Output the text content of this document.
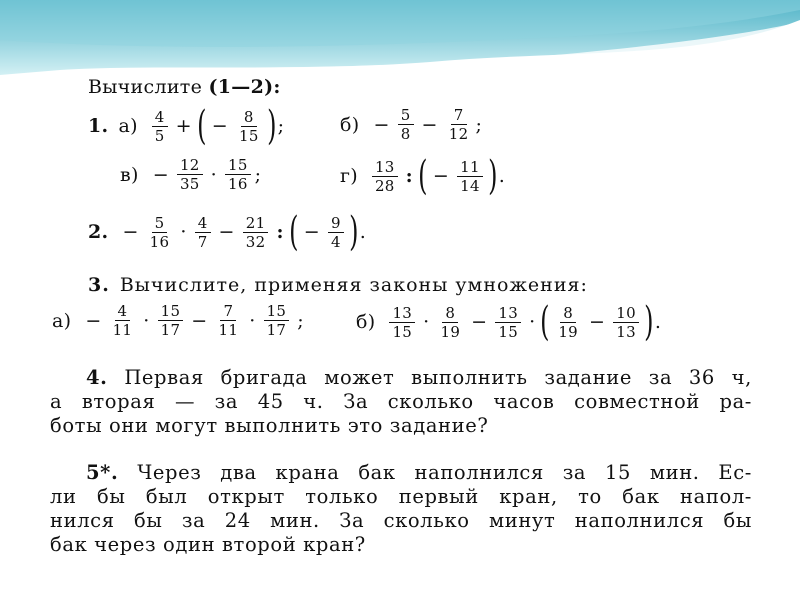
Вычислите
(1—2):
1. $а) \frac{4}{5}$ + ( − $\frac{8}{15}$ ) ;	$б) - \frac{5}{8} - \frac{7}{12}$ ;
$в) - \frac{12}{35} \cdot \frac{15}{16}$ ;	$г) \frac{13}{28}$ : ( − $\frac{11}{14}$ ) .
2. − $\frac{5}{16} \cdot \frac{4}{7} - \frac{21}{32}$ : ( − $\frac{9}{4}$ ) .
3. Вычислите, применяя законы умножения:
$а) - \frac{4}{11} \cdot \frac{15}{17} - \frac{7}{11} \cdot \frac{15}{17}$ ;	$б) \frac{13}{15} \cdot \frac{8}{19} - \frac{13}{15}$ · ( $\frac{8}{19} - \frac{10}{13}$ ) .
4. Первая бригада может выполнить задание за 36 ч,
а вторая — за 45 ч. За сколько часов совместной ра-
боты они могут выполнить это задание?
5*. Через два крана бак наполнился за 15 мин. Ес-
ли бы был открыт только первый кран, то бак напол-
нился бы за 24 мин. За сколько минут наполнился бы
бак через один второй кран?
